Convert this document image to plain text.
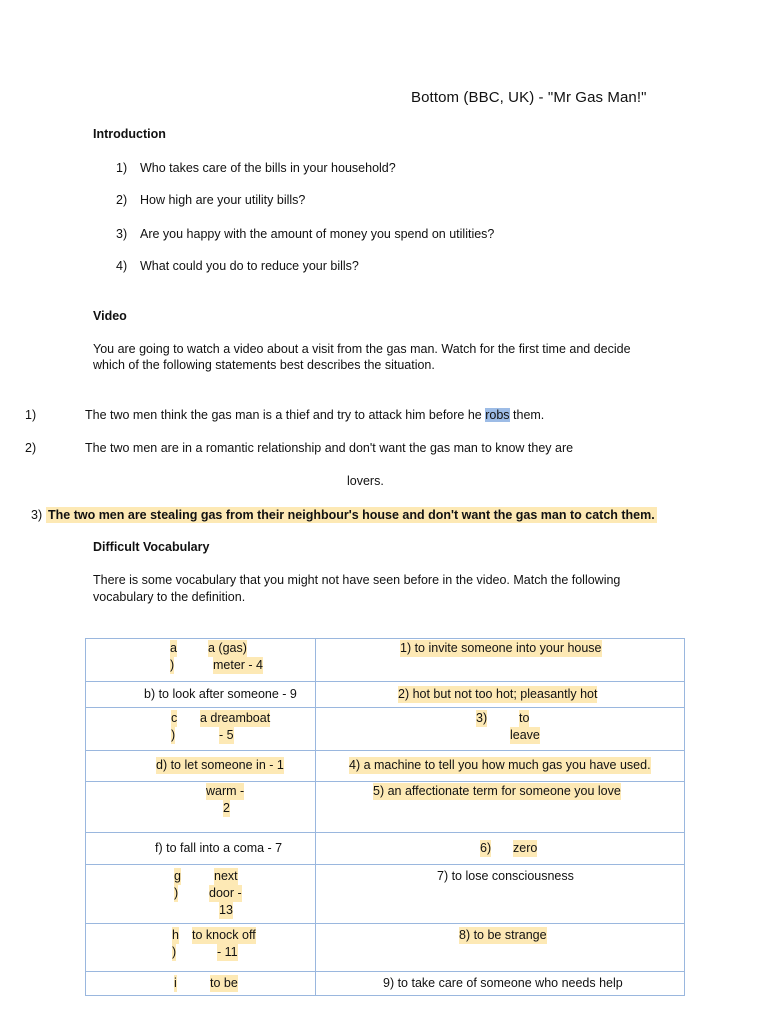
Bottom (BBC, UK) - "Mr Gas Man!"
Introduction
1) Who takes care of the bills in your household?
2) How high are your utility bills?
3) Are you happy with the amount of money you spend on utilities?
4) What could you do to reduce your bills?
Video
You are going to watch a video about a visit from the gas man. Watch for the first time and decide
which of the following statements best describes the situation.
1)	The two men think the gas man is a thief and try to attack him before he robs them.
2)	The two men are in a romantic relationship and don't want the gas man to know they are
lovers.
3) The two men are stealing gas from their neighbour's house and don't want the gas man to catch them.
Difficult Vocabulary
There is some vocabulary that you might not have seen before in the video. Match the following
vocabulary to the definition.
a
)
a (gas)
meter - 4	1) to invite someone into your house

b) to look after someone - 9	2) hot but not too hot; pleasantly hot

c
)
a dreamboat
- 5	3) to
leave

d) to let someone in - 1	4) a machine to tell you how much gas you have used.

warm -
2	5) an affectionate term for someone you love

f) to fall into a coma - 7	6) zero

g
)
next
door -
13	7) to lose consciousness

h
)
to knock off
- 11	8) to be strange

i to be	9) to take care of someone who needs help
